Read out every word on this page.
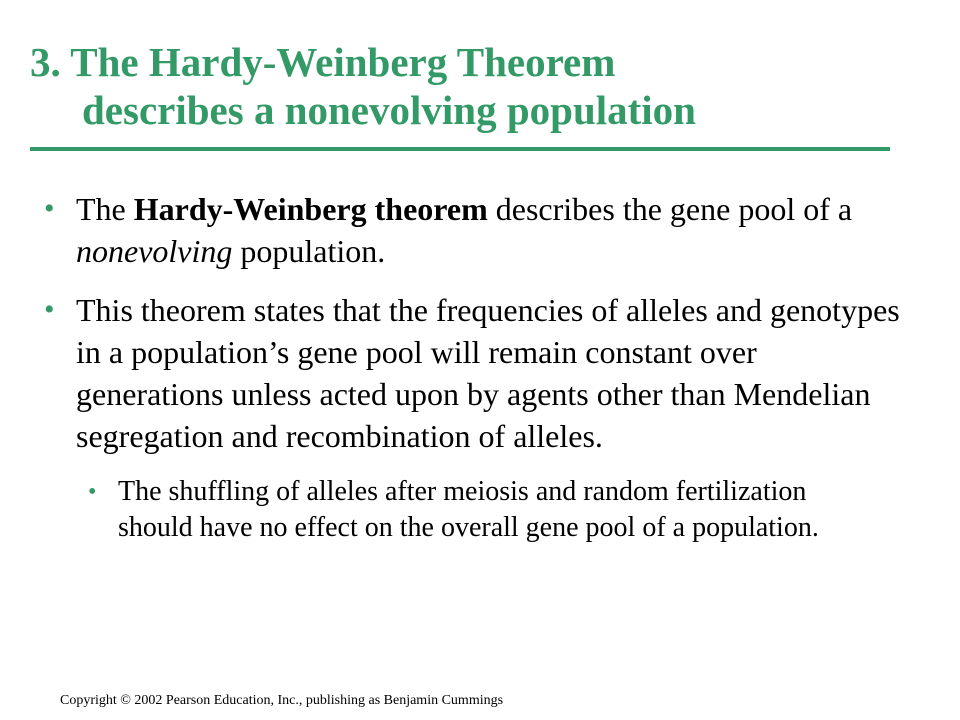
3. The Hardy-Weinberg Theorem
describes a nonevolving population
• The Hardy-Weinberg theorem describes the gene pool of a nonevolving population.
• This theorem states that the frequencies of alleles and genotypes in a population’s gene pool will remain constant over generations unless acted upon by agents other than Mendelian segregation and recombination of alleles.
• The shuffling of alleles after meiosis and random fertilization should have no effect on the overall gene pool of a population.
Copyright © 2002 Pearson Education, Inc., publishing as Benjamin Cummings
